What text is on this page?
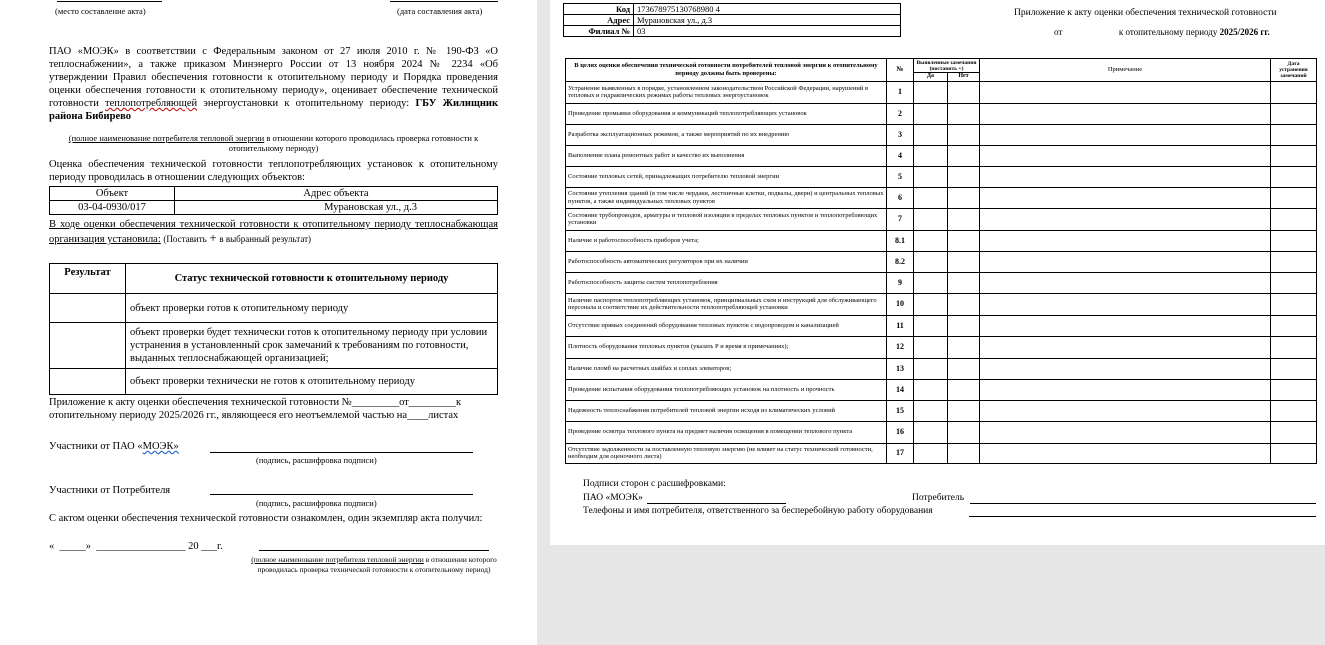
(место составление акта)	(дата составления акта)
ПАО «МОЭК» в соответствии с Федеральным законом от 27 июля 2010 г. № 190-ФЗ «О теплоснабжении», а также приказом Минэнерго России от 13 ноября 2024 № 2234 «Об утверждении Правил обеспечения готовности к отопительному периоду и Порядка проведения оценки обеспечения готовности к отопительному периоду», оценивает обеспечение технической готовности теплопотребляющей энергоустановки к отопительному периоду: ГБУ Жилищник района Бибирево
(полное наименование потребителя тепловой энергии в отношении которого проводилась проверка готовности к отопительному периоду)
Оценка обеспечения технической готовности теплопотребляющих установок к отопительному периоду проводилась в отношении следующих объектов:
Объект	Адрес объекта
03-04-0930/017	Мурановская ул., д.3
В ходе оценки обеспечения технической готовности к отопительному периоду теплоснабжающая организация установила: (Поставить + в выбранный результат)
Результат	Статус технической готовности к отопительному периоду
	объект проверки готов к отопительному периоду
	объект проверки будет технически готов к отопительному периоду при условии устранения в установленный срок замечаний к требованиям по готовности, выданных теплоснабжающей организацией;
	объект проверки технически не готов к отопительному периоду
Приложение к акту оценки обеспечения технической готовности №_________от_________к
отопительному периоду 2025/2026 гг., являющееся его неотъемлемой частью на____листах
Участники от ПАО «МОЭК»
(подпись, расшифровка подписи)
Участники от Потребителя
(подпись, расшифровка подписи)
С актом оценки обеспечения технической готовности ознакомлен, один экземпляр акта получил:
«  _____»  _________________ 20 ___г.
(полное наименование потребителя тепловой энергии в отношении которого проводилась проверка технической готовности к отопительному период)
Код	173678975130768980 4
Адрес	Мурановская ул., д.3
Филиал №	03
Приложение к акту оценки обеспечения технической готовности
от	к отопительному периоду 2025/2026 гг.
В целях оценки обеспечения технической готовности потребителей тепловой энергии к отопительному периоду должны быть проверены:	№	Выявленные замечания (поставить +)		Примечание	Дата устранения замечаний
		Да	Нет		
Устранение выявленных в порядке, установленном законодательством Российской Федерации, нарушений в тепловых и гидравлических режимах работы тепловых энергоустановок	1				
Проведение промывки оборудования и коммуникаций теплопотребляющих установок	2				
Разработка эксплуатационных режимов, а также мероприятий по их внедрению	3				
Выполнение плана ремонтных работ и качество их выполнения	4				
Состояние тепловых сетей, принадлежащих потребителю тепловой энергии	5				
Состояние утепления зданий (в том числе чердаки, лестничные клетки, подвалы, двери) и центральных тепловых пунктов, а также индивидуальных тепловых пунктов	6				
Состояние трубопроводов, арматуры и тепловой изоляции в пределах тепловых пунктов и теплопотребляющих установки	7				
Наличие и работоспособность приборов учета;	8.1				
Работоспособность автоматических регуляторов при их наличии	8.2				
Работоспособность защиты систем теплопотребления	9				
Наличие паспортов теплопотребляющих установок, принципиальных схем и инструкций для обслуживающего персонала и соответствие их действительности теплопотребляющей установки	10				
Отсутствие прямых соединений оборудования тепловых пунктов с водопроводом и канализацией	11				
Плотность оборудования тепловых пунктов (указать Р и время в примечаниях);	12				
Наличие пломб на расчетных шайбах и соплах элеваторов;	13				
Проведение испытания оборудования теплопотребляющих установок на плотность и прочность	14				
Надежность теплоснабжения потребителей тепловой энергии исходя из климатических условий	15				
Проведение осмотра теплового пункта на предмет наличия освещения в помещении теплового пункта	16				
Отсутствие задолженности за поставленную тепловую энергию (не влияет на статус технической готовности, необходим для оценочного листа)	17				
Подписи сторон с расшифровками:
ПАО «МОЭК»	Потребитель
Телефоны и имя потребителя, ответственного за бесперебойную работу оборудования
